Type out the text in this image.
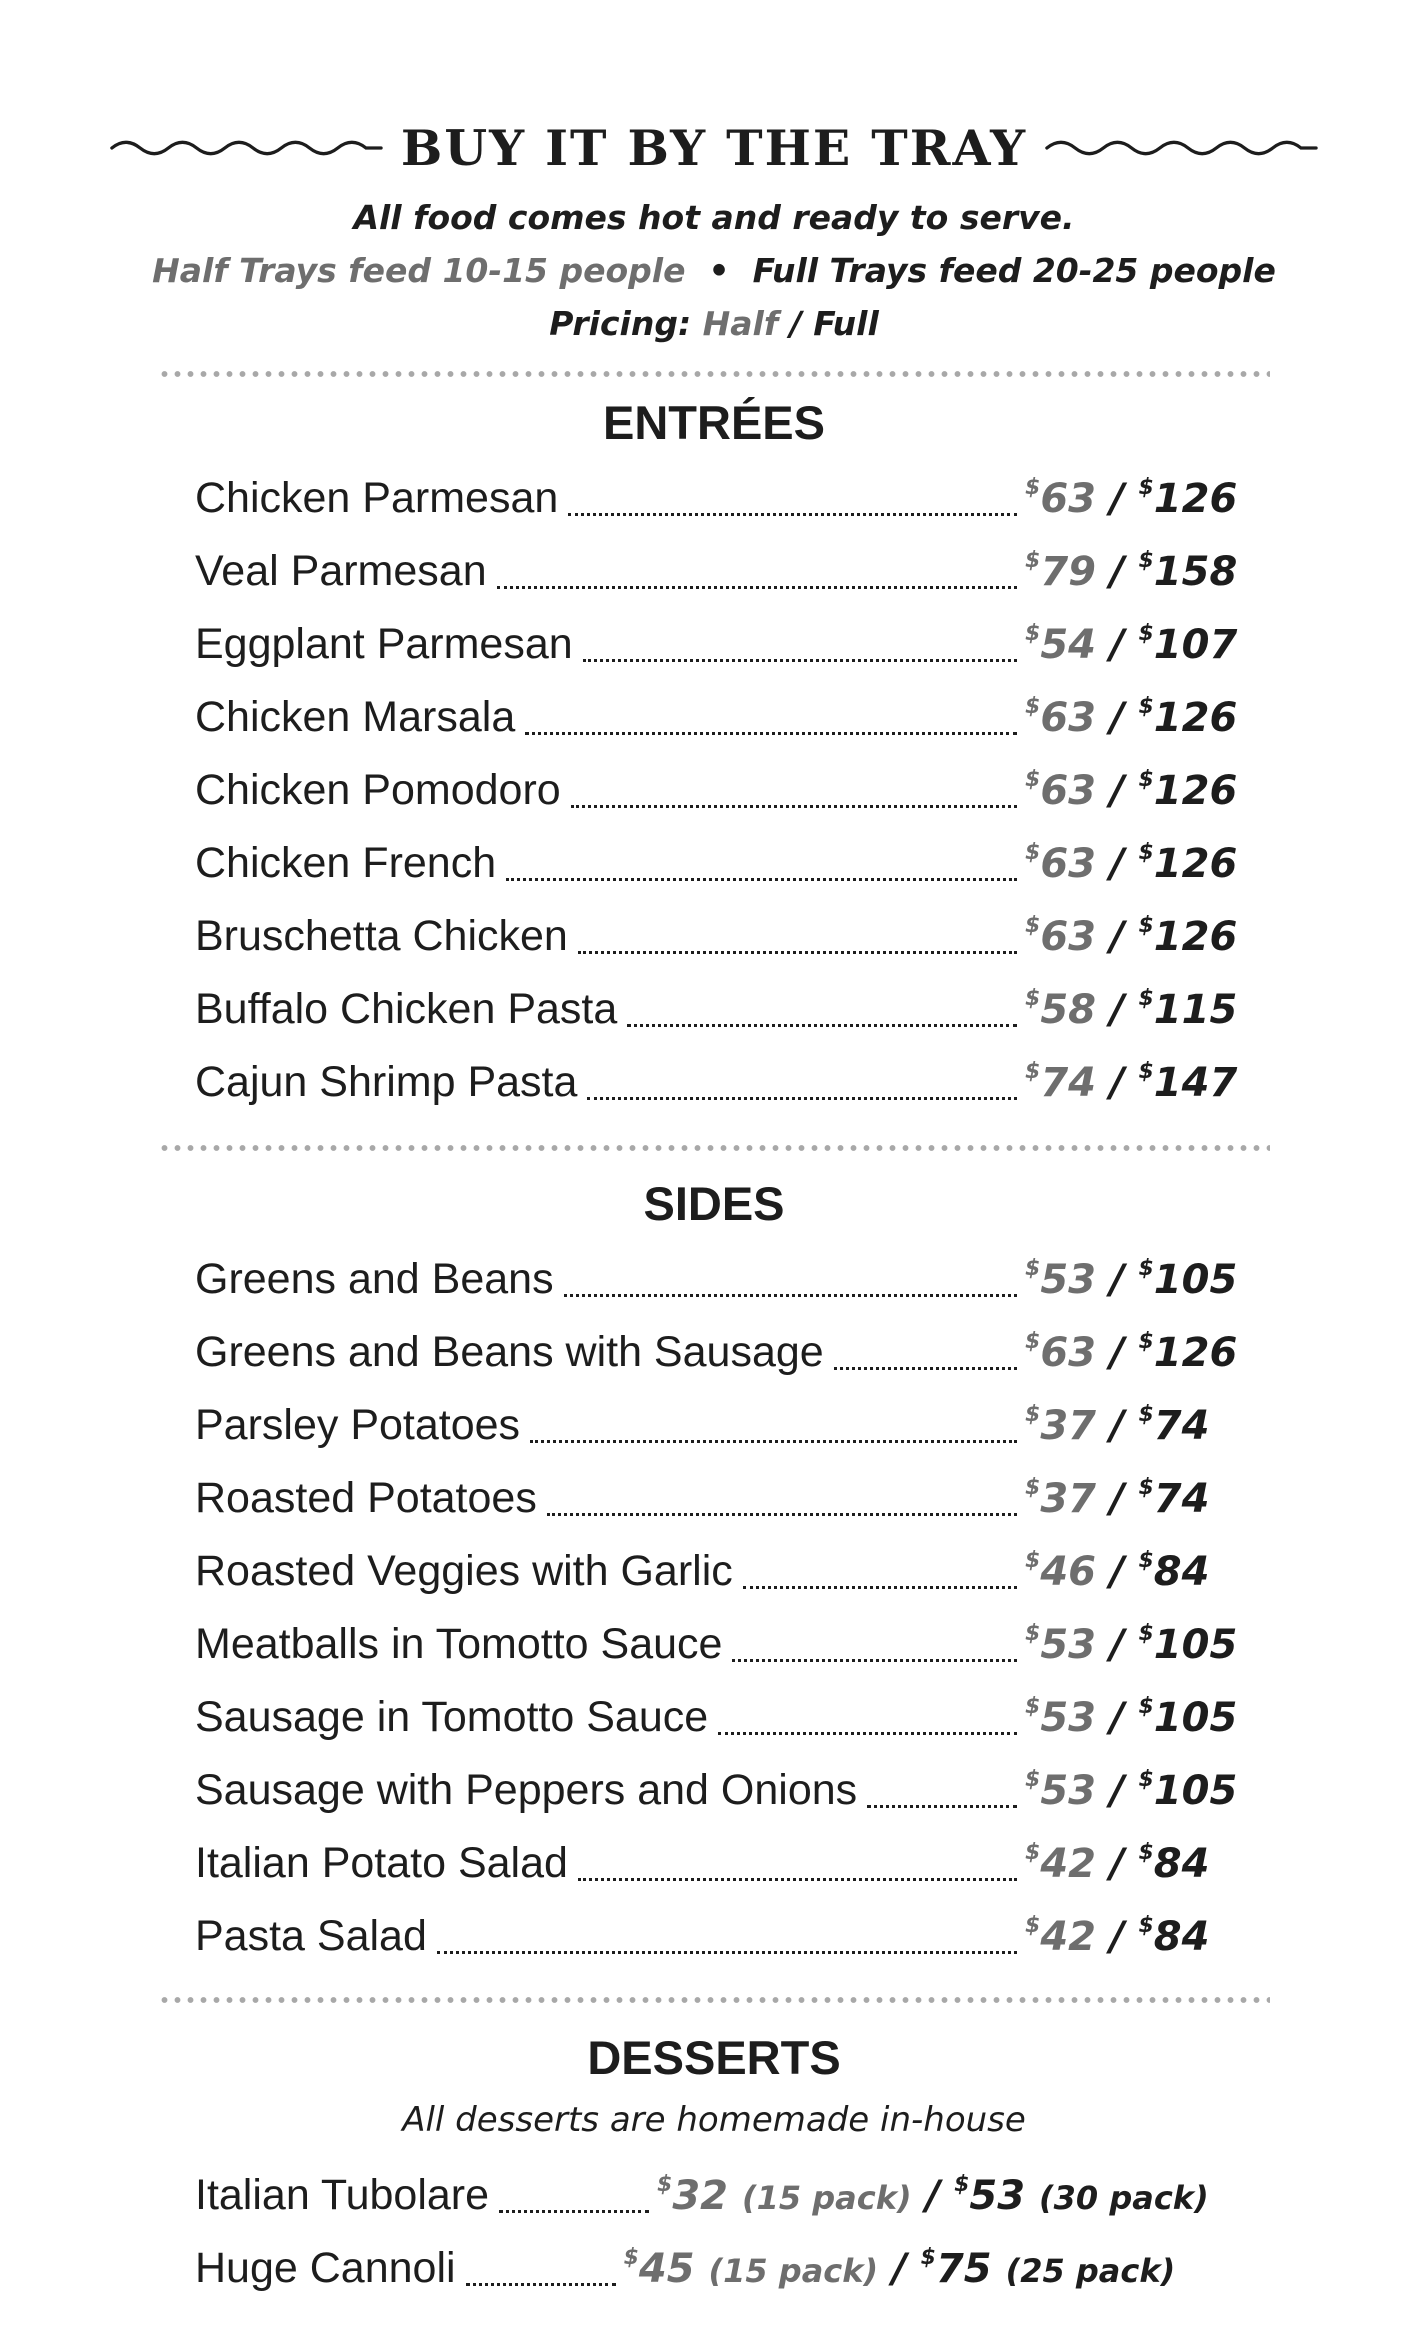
BUY IT BY THE TRAY
All food comes hot and ready to serve.
Half Trays feed 10-15 people • Full Trays feed 20-25 people
Pricing: Half / Full
ENTRÉES
Chicken Parmesan	$63 / $126
Veal Parmesan	$79 / $158
Eggplant Parmesan	$54 / $107
Chicken Marsala	$63 / $126
Chicken Pomodoro	$63 / $126
Chicken French	$63 / $126
Bruschetta Chicken	$63 / $126
Buffalo Chicken Pasta	$58 / $115
Cajun Shrimp Pasta	$74 / $147
SIDES
Greens and Beans	$53 / $105
Greens and Beans with Sausage	$63 / $126
Parsley Potatoes	$37 / $74
Roasted Potatoes	$37 / $74
Roasted Veggies with Garlic	$46 / $84
Meatballs in Tomotto Sauce	$53 / $105
Sausage in Tomotto Sauce	$53 / $105
Sausage with Peppers and Onions	$53 / $105
Italian Potato Salad	$42 / $84
Pasta Salad	$42 / $84
DESSERTS
All desserts are homemade in-house
Italian Tubolare	$32 (15 pack) / $53 (30 pack)
Huge Cannoli	$45 (15 pack) / $75 (25 pack)
